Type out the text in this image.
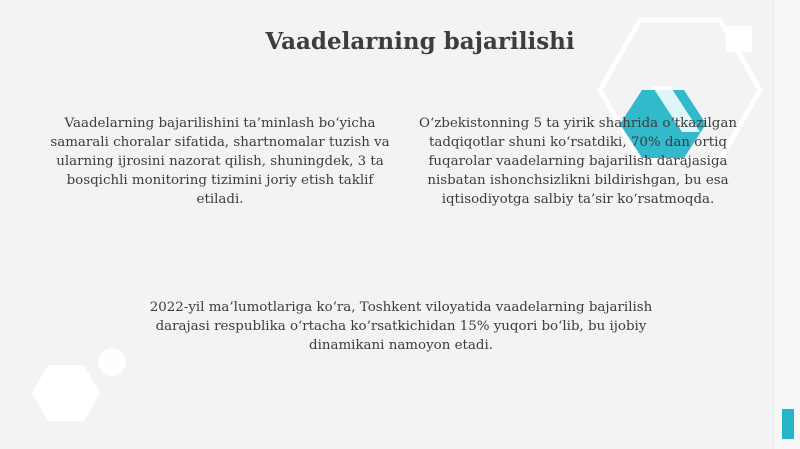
Vaadelarning bajarilishi

Vaadelarning bajarilishini ta’minlash bo‘yicha samarali choralar sifatida, shartnomalar tuzish va ularning ijrosini nazorat qilish, shuningdek, 3 ta bosqichli monitoring tizimini joriy etish taklif etiladi.

O‘zbekistonning 5 ta yirik shahrida o‘tkazilgan tadqiqotlar shuni ko‘rsatdiki, 70% dan ortiq fuqarolar vaadelarning bajarilish darajasiga nisbatan ishonchsizlikni bildirishgan, bu esa iqtisodiyotga salbiy ta’sir ko‘rsatmoqda.

2022-yil ma’lumotlariga ko‘ra, Toshkent viloyatida vaadelarning bajarilish darajasi respublika o‘rtacha ko‘rsatkichidan 15% yuqori bo‘lib, bu ijobiy dinamikani namoyon etadi.
